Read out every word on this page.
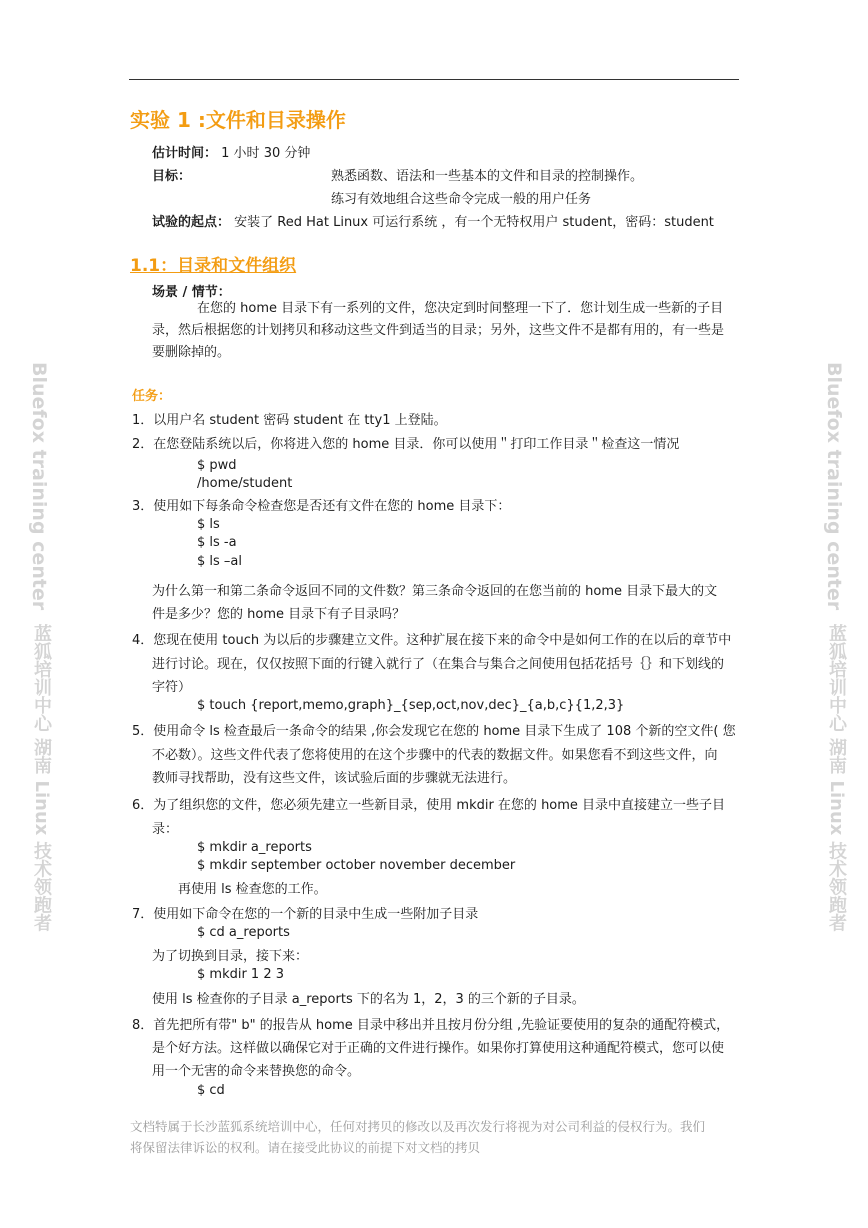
实验 1 :文件和目录操作
估计时间： 1 小时 30 分钟
目标：	熟悉函数、语法和一些基本的文件和目录的控制操作。
练习有效地组合这些命令完成一般的用户任务
试验的起点： 安装了 Red Hat Linux 可运行系统 ，有一个无特权用户 student，密码：student
1.1：目录和文件组织
场景 / 情节：
在您的 home 目录下有一系列的文件，您决定到时间整理一下了．您计划生成一些新的子目
录，然后根据您的计划拷贝和移动这些文件到适当的目录；另外，这些文件不是都有用的，有一些是
要删除掉的。
任务：
1．以用户名 student 密码 student 在 tty1 上登陆。
2．在您登陆系统以后，你将进入您的 home 目录．你可以使用＂打印工作目录＂检查这一情况
$ pwd
/home/student
3．使用如下每条命令检查您是否还有文件在您的 home 目录下：
$ ls
$ ls -a
$ ls –al
为什么第一和第二条命令返回不同的文件数？第三条命令返回的在您当前的 home 目录下最大的文
件是多少？您的 home 目录下有子目录吗？
4．您现在使用 touch 为以后的步骤建立文件。这种扩展在接下来的命令中是如何工作的在以后的章节中
进行讨论。现在，仅仅按照下面的行键入就行了（在集合与集合之间使用包括花括号｛｝和下划线的
字符）
$ touch {report,memo,graph}_{sep,oct,nov,dec}_{a,b,c}{1,2,3}
5．使用命令 ls 检查最后一条命令的结果 ,你会发现它在您的 home 目录下生成了 108 个新的空文件( 您
不必数）。这些文件代表了您将使用的在这个步骤中的代表的数据文件。如果您看不到这些文件，向
教师寻找帮助，没有这些文件，该试验后面的步骤就无法进行。
6．为了组织您的文件，您必须先建立一些新目录，使用 mkdir 在您的 home 目录中直接建立一些子目
录：
$ mkdir a_reports
$ mkdir september october november december
再使用 ls 检查您的工作。
7．使用如下命令在您的一个新的目录中生成一些附加子目录
$ cd a_reports
为了切换到目录，接下来：
$ mkdir 1 2 3
使用 ls 检查你的子目录 a_reports 下的名为 1，2，3 的三个新的子目录。
8．首先把所有带" b" 的报告从 home 目录中移出并且按月份分组 ,先验证要使用的复杂的通配符模式，
是个好方法。这样做以确保它对于正确的文件进行操作。如果你打算使用这种通配符模式，您可以使
用一个无害的命令来替换您的命令。
$ cd
Bluefox training center
蓝狐培训中心 湖南 Linux 技术领跑者
Bluefox training center
蓝狐培训中心 湖南 Linux 技术领跑者
文档特属于长沙蓝狐系统培训中心，任何对拷贝的修改以及再次发行将视为对公司利益的侵权行为。我们
将保留法律诉讼的权利。请在接受此协议的前提下对文档的拷贝
